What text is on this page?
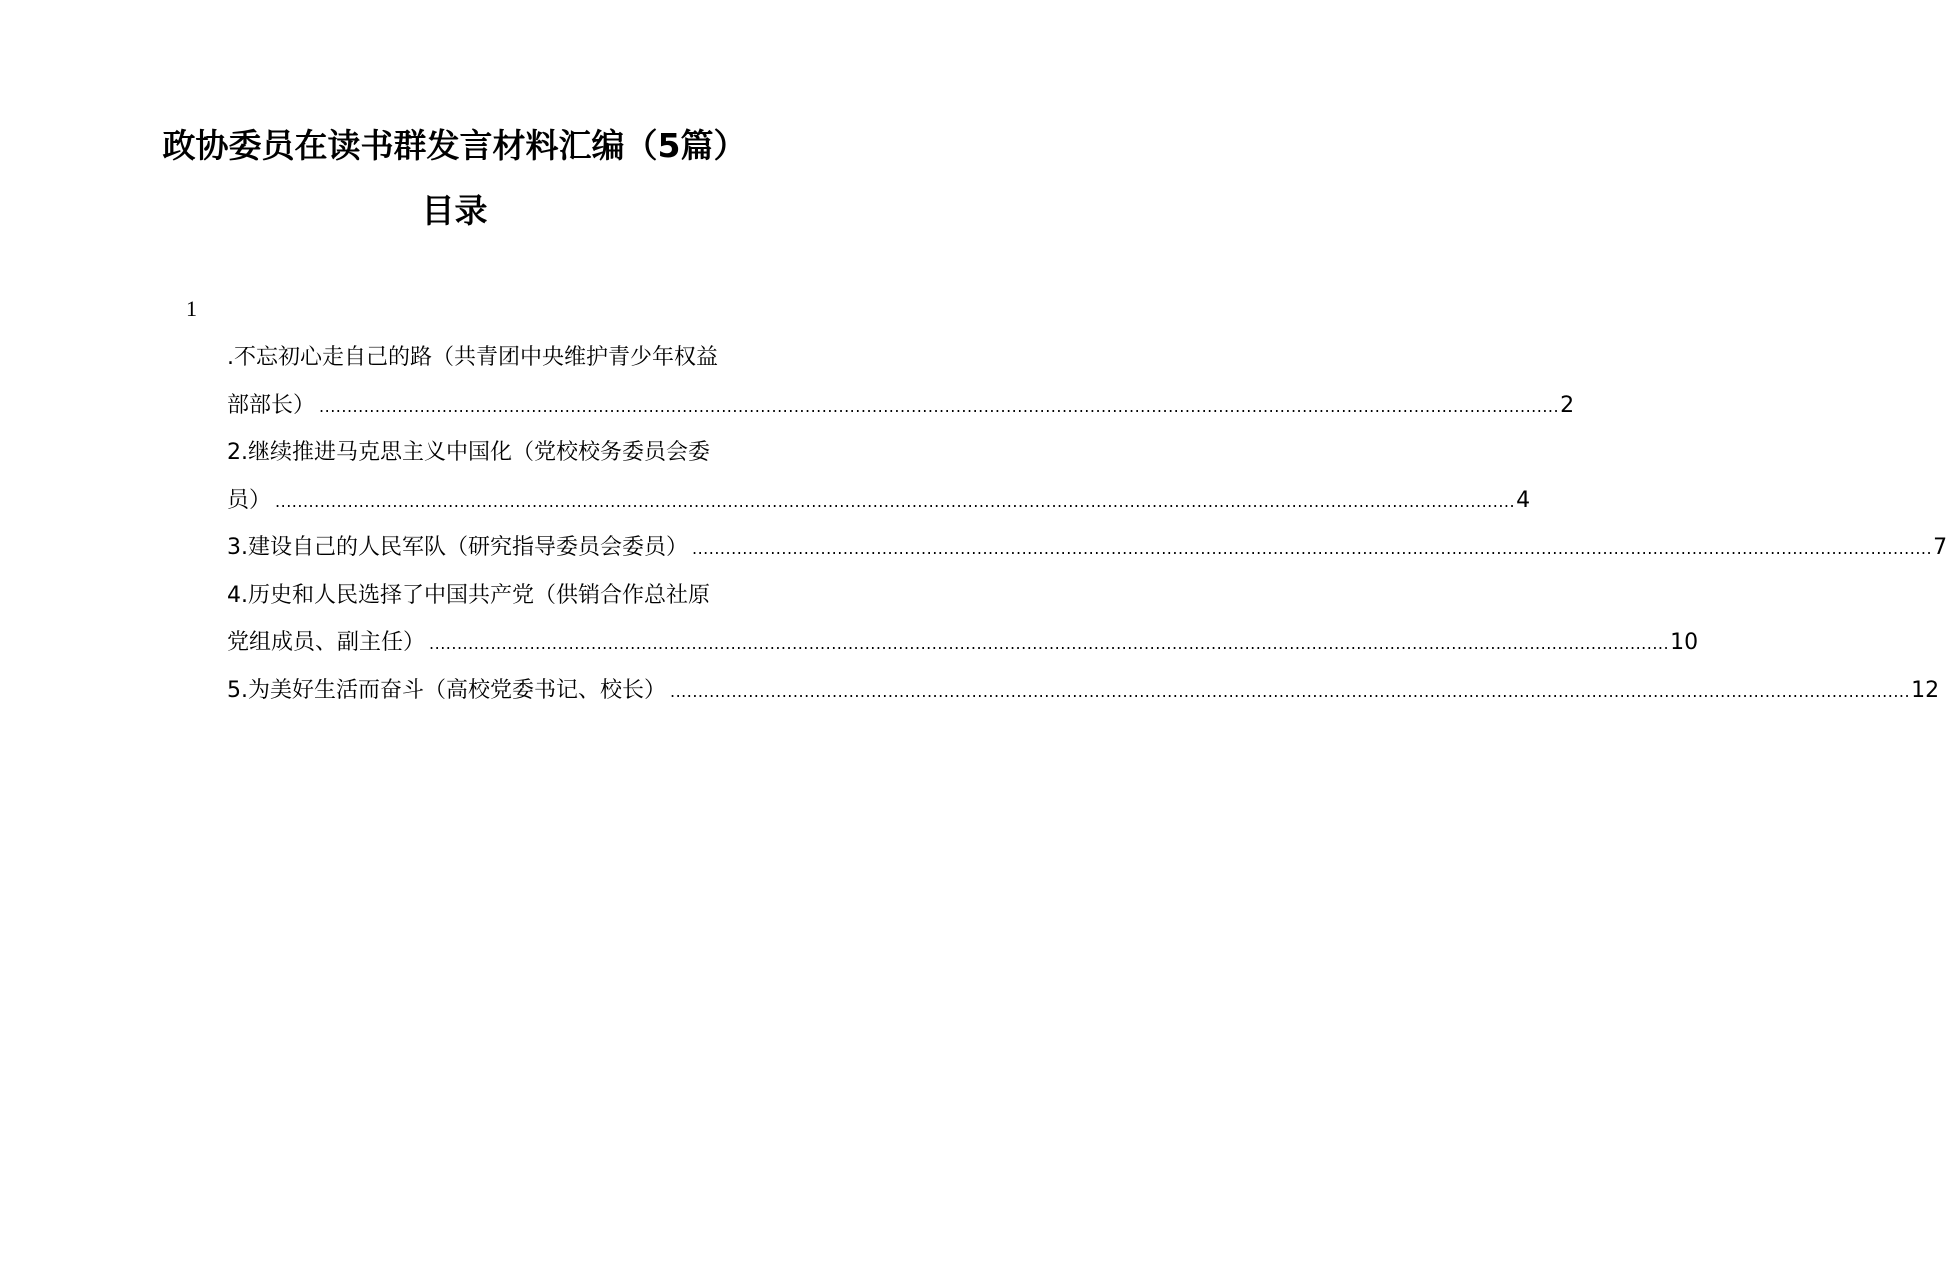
政协委员在读书群发言材料汇编（5篇）
目录
1
.不忘初心走自己的路（共青团中央维护青少年权益
部部长） .....	2
2.继续推进马克思主义中国化（党校校务委员会委
员） .....	4
3.建设自己的人民军队（研究指导委员会委员） .....	7
4.历史和人民选择了中国共产党（供销合作总社原
党组成员、副主任） .....	10
5.为美好生活而奋斗（高校党委书记、校长） .....	12
